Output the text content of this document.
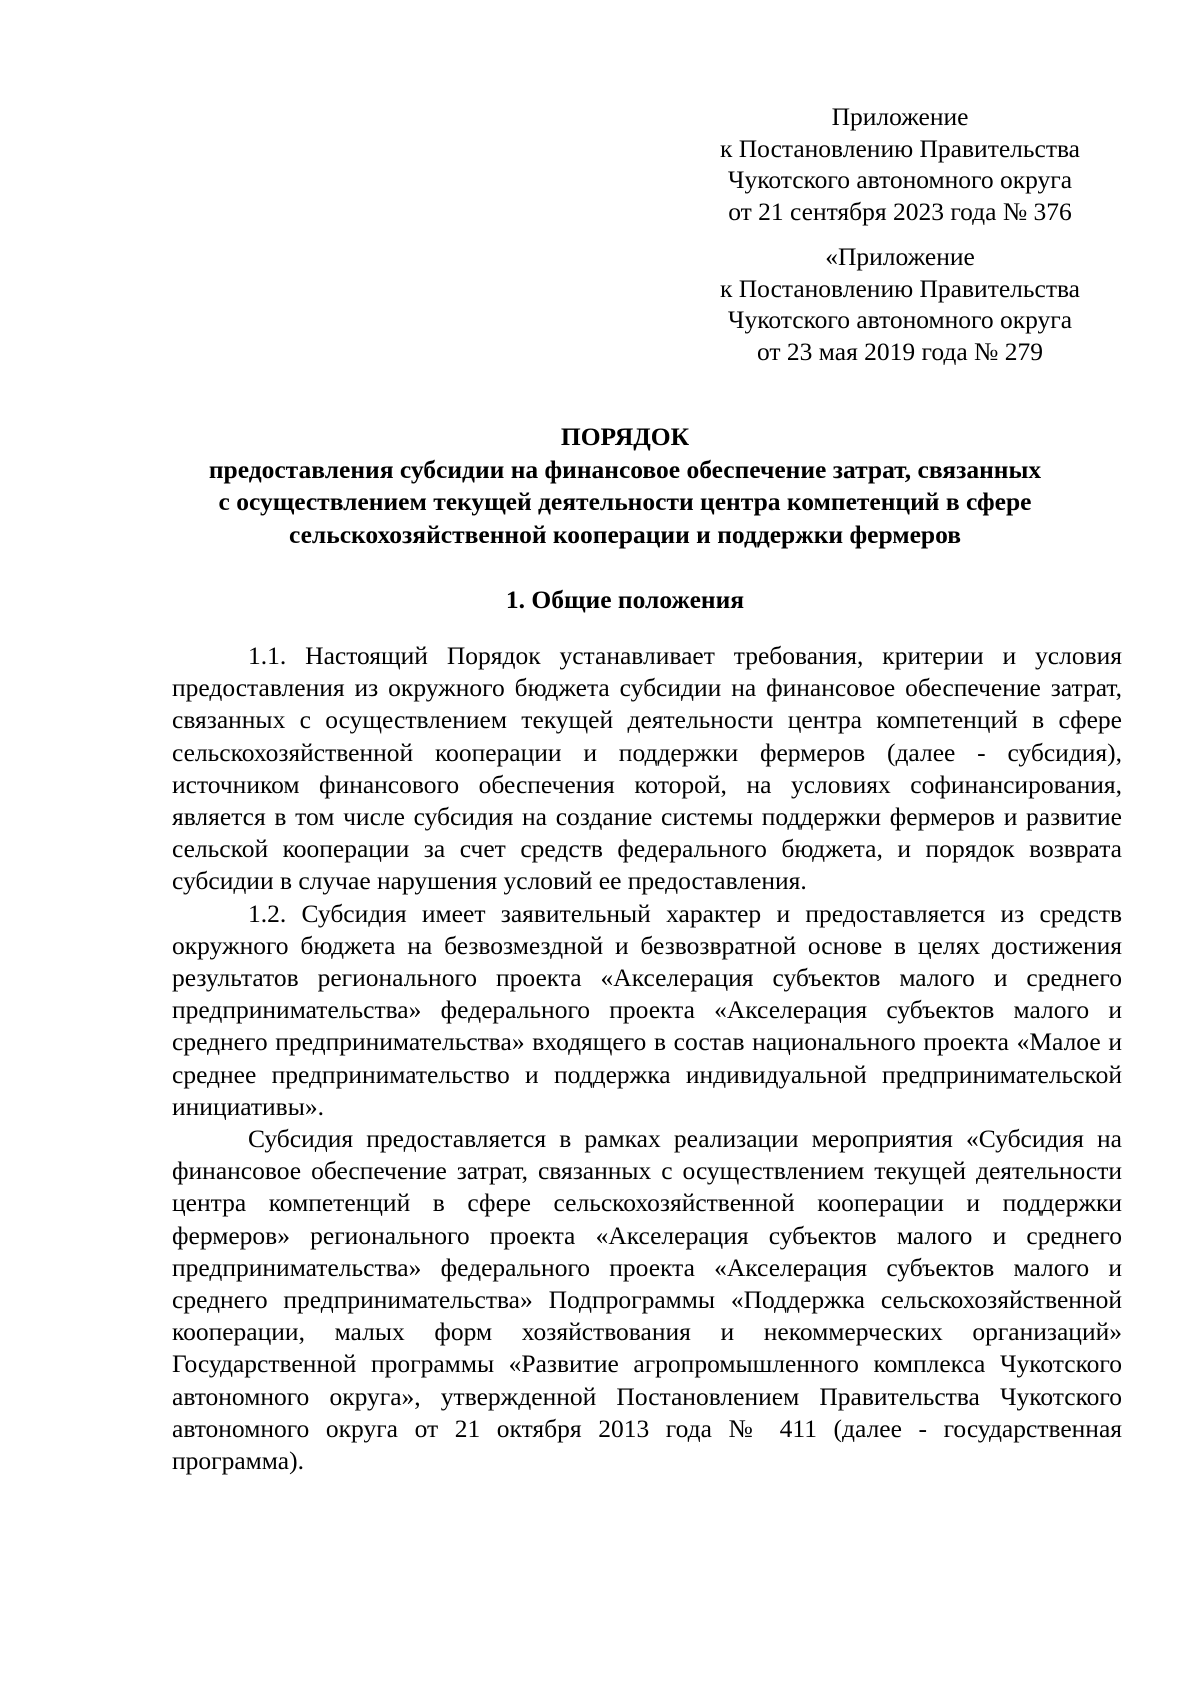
Приложение
к Постановлению Правительства
Чукотского автономного округа
от 21 сентября 2023 года № 376
«Приложение
к Постановлению Правительства
Чукотского автономного округа
от 23 мая 2019 года № 279
ПОРЯДОК
предоставления субсидии на финансовое обеспечение затрат, связанных
с осуществлением текущей деятельности центра компетенций в сфере
сельскохозяйственной кооперации и поддержки фермеров
1. Общие положения

1.1. Настоящий Порядок устанавливает требования, критерии и условия предоставления из окружного бюджета субсидии на финансовое обеспечение затрат, связанных с осуществлением текущей деятельности центра компетенций в сфере сельскохозяйственной кооперации и поддержки фермеров (далее - субсидия), источником финансового обеспечения которой, на условиях софинансирования, является в том числе субсидия на создание системы поддержки фермеров и развитие сельской кооперации за счет средств федерального бюджета, и порядок возврата субсидии в случае нарушения условий ее предоставления.

1.2. Субсидия имеет заявительный характер и предоставляется из средств окружного бюджета на безвозмездной и безвозвратной основе в целях достижения результатов регионального проекта «Акселерация субъектов малого и среднего предпринимательства» федерального проекта «Акселерация субъектов малого и среднего предпринимательства» входящего в состав национального проекта «Малое и среднее предпринимательство и поддержка индивидуальной предпринимательской инициативы».

Субсидия предоставляется в рамках реализации мероприятия «Субсидия на финансовое обеспечение затрат, связанных с осуществлением текущей деятельности центра компетенций в сфере сельскохозяйственной кооперации и поддержки фермеров» регионального проекта «Акселерация субъектов малого и среднего предпринимательства» федерального проекта «Акселерация субъектов малого и среднего предпринимательства» Подпрограммы «Поддержка сельскохозяйственной кооперации, малых форм хозяйствования и некоммерческих организаций» Государственной программы «Развитие агропромышленного комплекса Чукотского автономного округа», утвержденной Постановлением Правительства Чукотского автономного округа от 21 октября 2013 года № 411 (далее - государственная программа).
